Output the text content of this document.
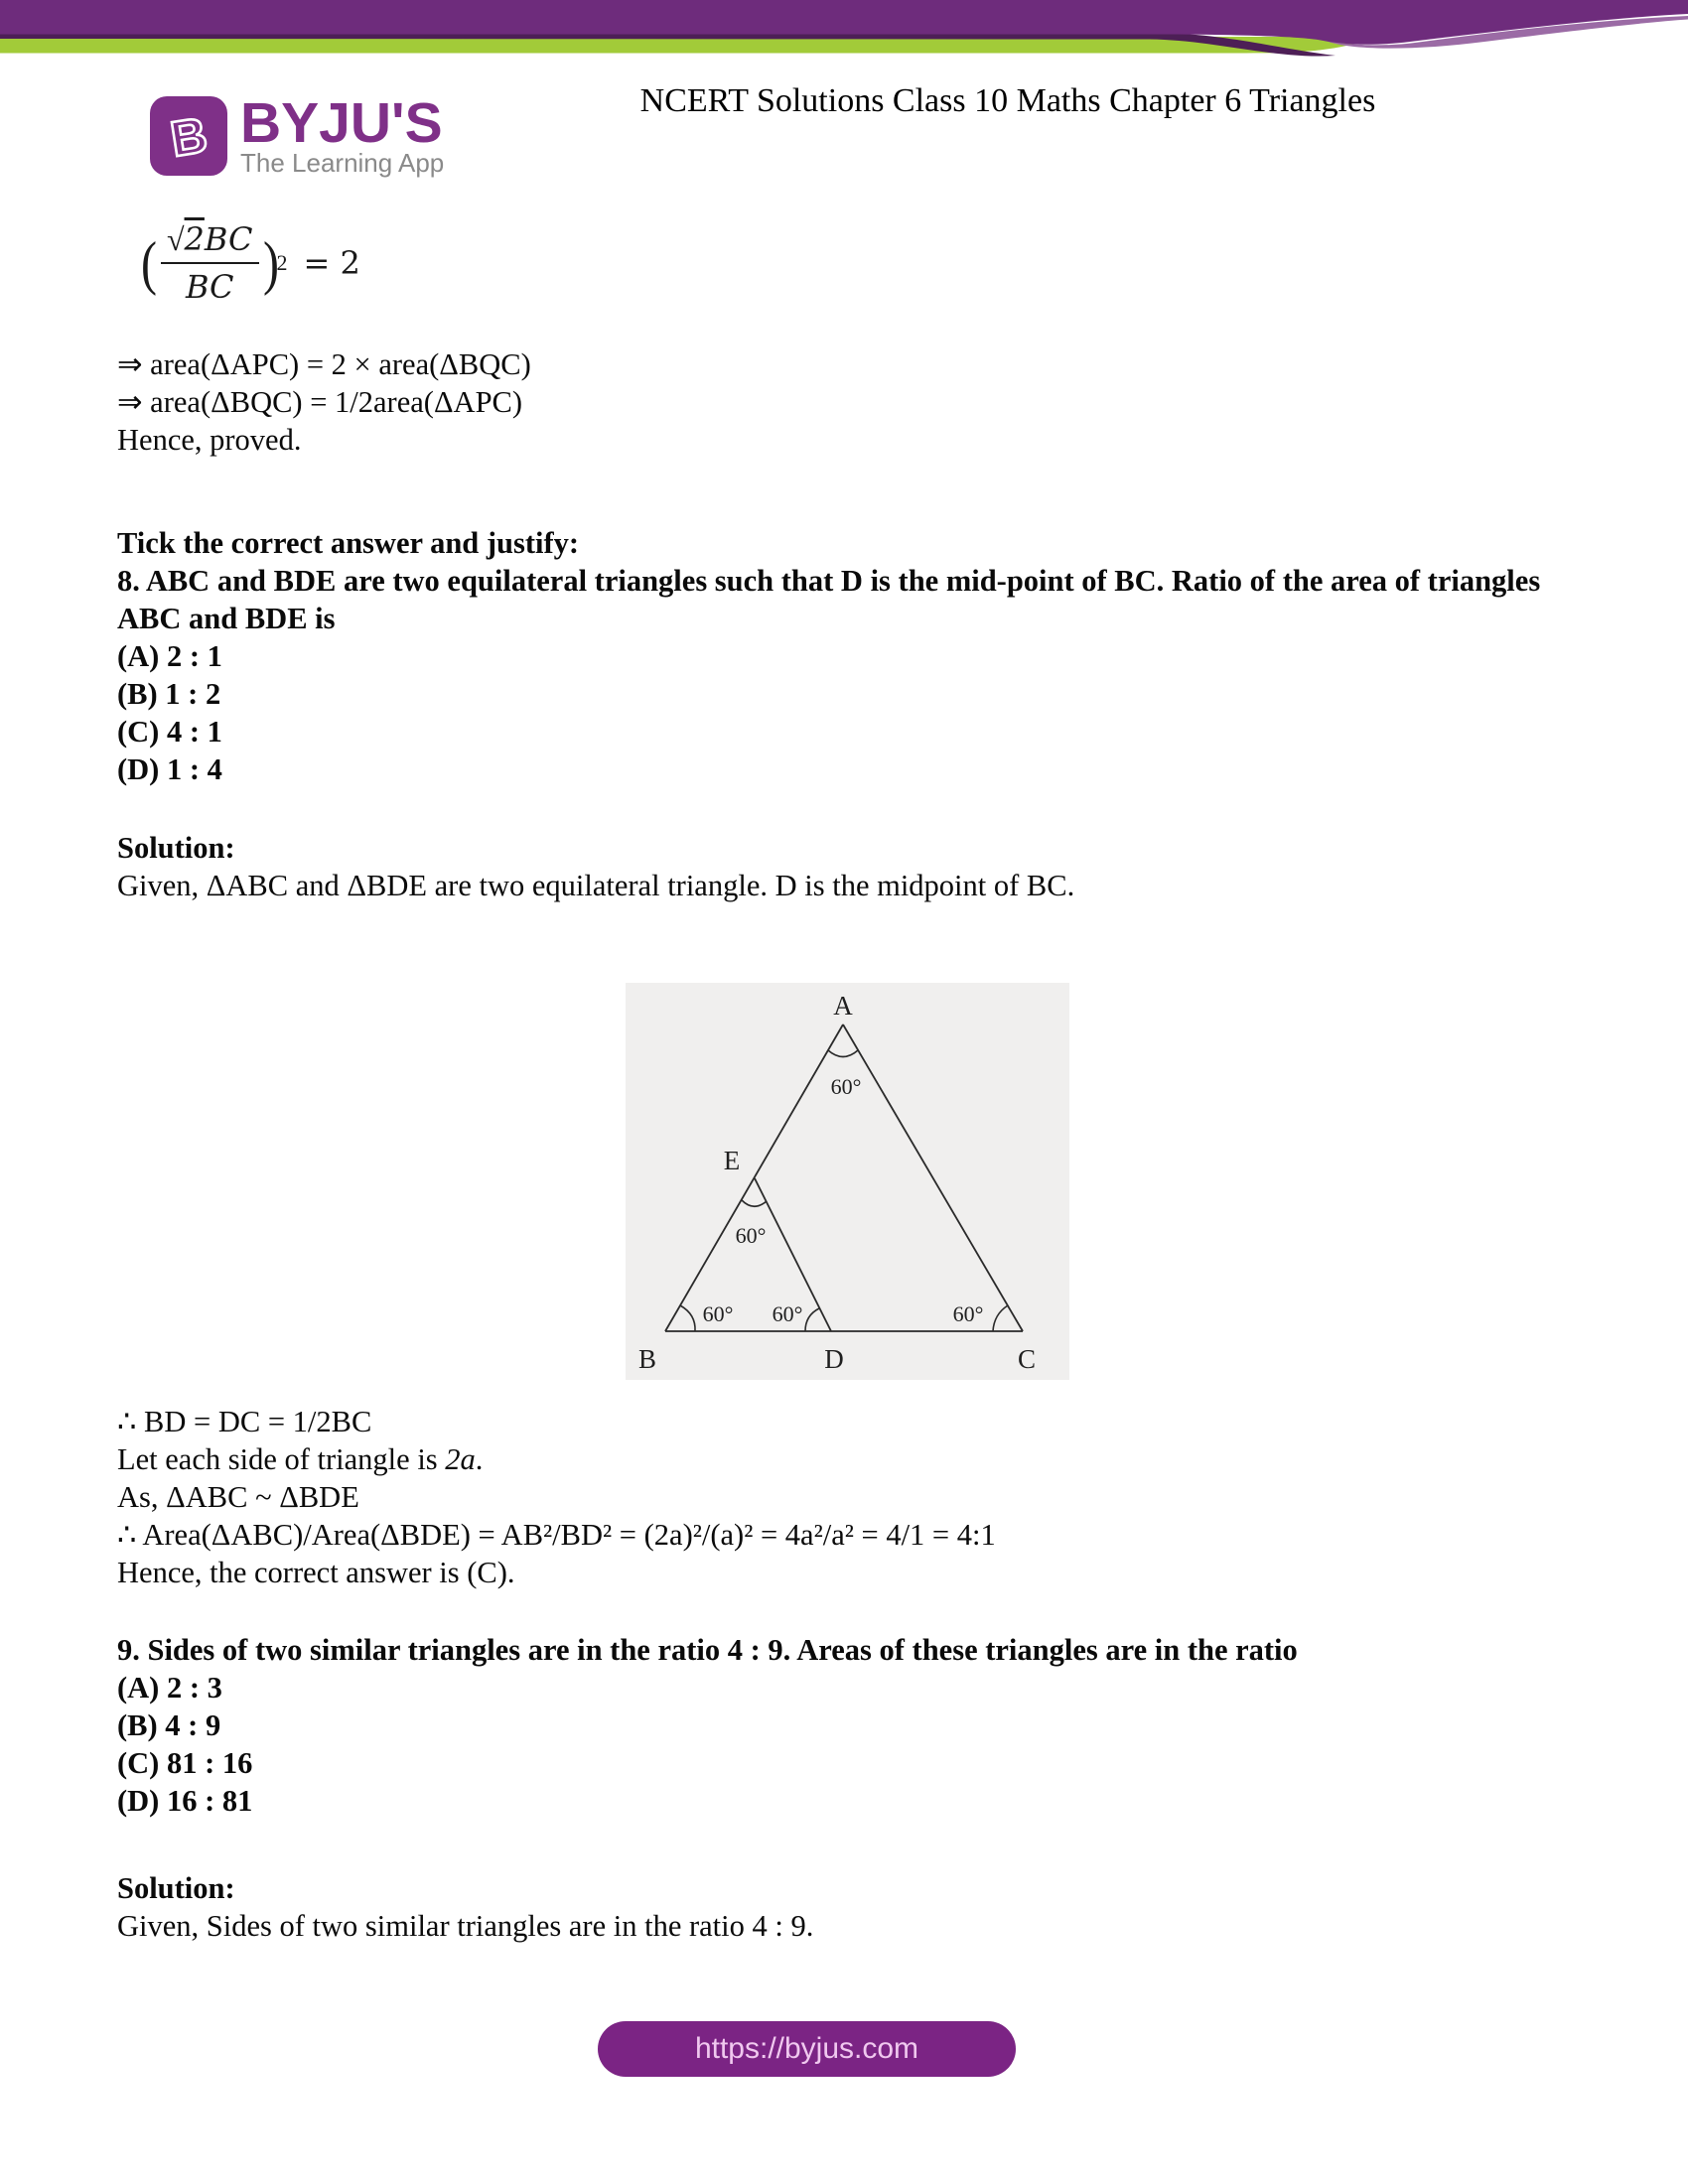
B BYJU'S
The Learning App
NCERT Solutions Class 10 Maths Chapter 6 Triangles
( $\frac{√2BC}{BC}$ )
2 = 2
⇒ area(ΔAPC) = 2 × area(ΔBQC)
⇒ area(ΔBQC) = 1/2area(ΔAPC)
Hence, proved.
Tick the correct answer and justify:
8. ABC and BDE are two equilateral triangles such that D is the mid-point of BC. Ratio of the area of triangles ABC and BDE is
(A) 2 : 1
(B) 1 : 2
(C) 4 : 1
(D) 1 : 4
Solution:
Given, ΔABC and ΔBDE are two equilateral triangle. D is the midpoint of BC.
A
B	C
D
E
60°
60°
60° 60°	60°
∴ BD = DC = 1/2BC
Let each side of triangle is 2a.
As, ΔABC ~ ΔBDE
∴ Area(ΔABC)/Area(ΔBDE) = AB²/BD² = (2a)²/(a)² = 4a²/a² = 4/1 = 4:1
Hence, the correct answer is (C).
9. Sides of two similar triangles are in the ratio 4 : 9. Areas of these triangles are in the ratio
(A) 2 : 3
(B) 4 : 9
(C) 81 : 16
(D) 16 : 81
Solution:
Given, Sides of two similar triangles are in the ratio 4 : 9.
https://byjus.com
